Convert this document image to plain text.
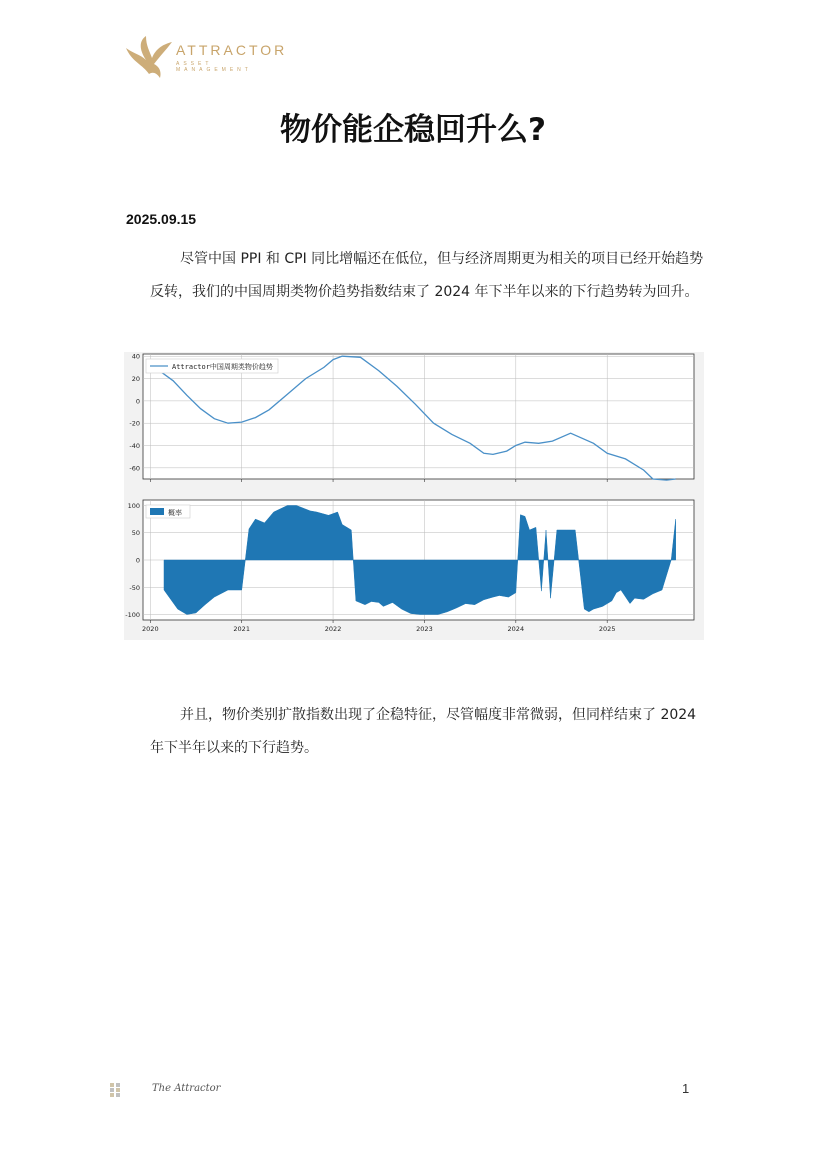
ATTRACTOR
ASSET MANAGEMENT
物价能企稳回升么?
2025.09.15

尽管中国 PPI 和 CPI 同比增幅还在低位，但与经济周期更为相关的项目已经开始趋势反转，我们的中国周期类物价趋势指数结束了 2024 年下半年以来的下行趋势转为回升。

40
20
0
-20
-40
-60
Attractor中国周期类物价趋势
100
50
0
-50
-100
2020	2021	2022	2023	2024	2025
概率

并且，物价类别扩散指数出现了企稳特征，尽管幅度非常微弱，但同样结束了 2024 年下半年以来的下行趋势。

The Attractor	1
